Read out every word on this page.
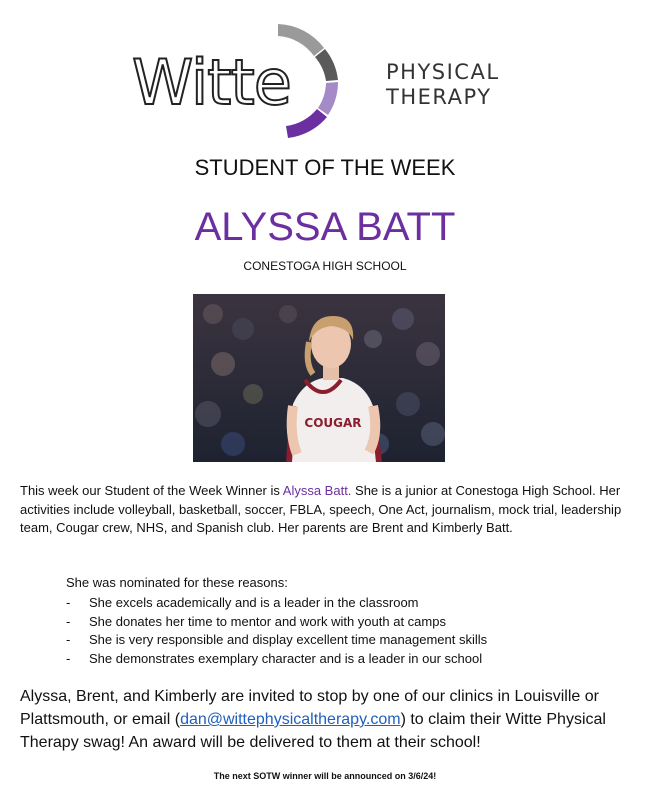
Witte	PHYSICAL
THERAPY
STUDENT OF THE WEEK
ALYSSA BATT
CONESTOGA HIGH SCHOOL
COUGAR
This week our Student of the Week Winner is Alyssa Batt. She is a junior at Conestoga High School. Her activities include volleyball, basketball, soccer, FBLA, speech, One Act, journalism, mock trial, leadership team, Cougar crew, NHS, and Spanish club. Her parents are Brent and Kimberly Batt.
She was nominated for these reasons:
- She excels academically and is a leader in the classroom
- She donates her time to mentor and work with youth at camps
- She is very responsible and display excellent time management skills
- She demonstrates exemplary character and is a leader in our school
Alyssa, Brent, and Kimberly are invited to stop by one of our clinics in Louisville or Plattsmouth, or email (dan@wittephysicaltherapy.com) to claim their Witte Physical Therapy swag! An award will be delivered to them at their school!
The next SOTW winner will be announced on 3/6/24!
